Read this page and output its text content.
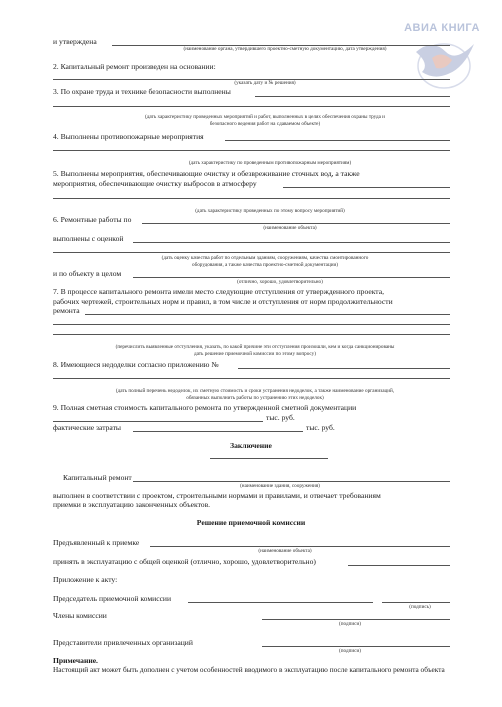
АВИА КНИГА
и утверждена
(наименование органа, утвердившего проектно-сметную документацию, дата утверждения)
2. Капитальный ремонт произведен на основании:
(указать дату и № решения)
3. По охране труда и технике безопасности выполнены
(дать характеристику проведенных мероприятий и работ, выполненных в целях обеспечения охраны труда и
безопасного ведения работ на сдаваемом объекте)
4. Выполнены противопожарные мероприятия
(дать характеристику по проведенным противопожарным мероприятиям)
5. Выполнены мероприятия, обеспечивающие очистку и обезвреживание сточных вод, а также
мероприятия, обеспечивающие очистку выбросов в атмосферу
(дать характеристику проведенных по этому вопросу мероприятий)
6. Ремонтные работы по
(наименование объекта)
выполнены с оценкой
(дать оценку качества работ по отдельным зданиям, сооружениям, качества смонтированного
оборудования, а также качества проектно-сметной документации)
и по объекту в целом
(отлично, хорошо, удовлетворительно)
7. В процессе капитального ремонта имели место следующие отступления от утвержденного проекта,
рабочих чертежей, строительных норм и правил, в том числе и отступления от норм продолжительности
ремонта
(перечислить выявленные отступления, указать, по какой причине эти отступления произошли, кем и когда санкционированы
дать решение приемочной комиссии по этому вопросу)
8. Имеющиеся недоделки согласно приложению №
(дать полный перечень недоделок, их сметную стоимость и сроки устранения недоделок, а также наименование организаций,
обязанных выполнить работы по устранению этих недоделок)
9. Полная сметная стоимость капитального ремонта по утвержденной сметной документации
тыс. руб.
фактические затраты	тыс. руб.
Заключение
Капитальный ремонт
(наименование здания, сооружения)
выполнен в соответствии с проектом, строительными нормами и правилами, и отвечает требованиям
приемки в эксплуатацию законченных объектов.
Решение приемочной комиссии
Предъявленный к приемке
(наименование объекта)
принять в эксплуатацию с общей оценкой (отлично, хорошо, удовлетворительно)
Приложение к акту:
Председатель приемочной комиссии
(подпись)
Члены комиссии
(подписи)
Представители привлеченных организаций
(подписи)
Примечание.
Настоящий акт может быть дополнен с учетом особенностей вводимого в эксплуатацию после капитального ремонта объекта
